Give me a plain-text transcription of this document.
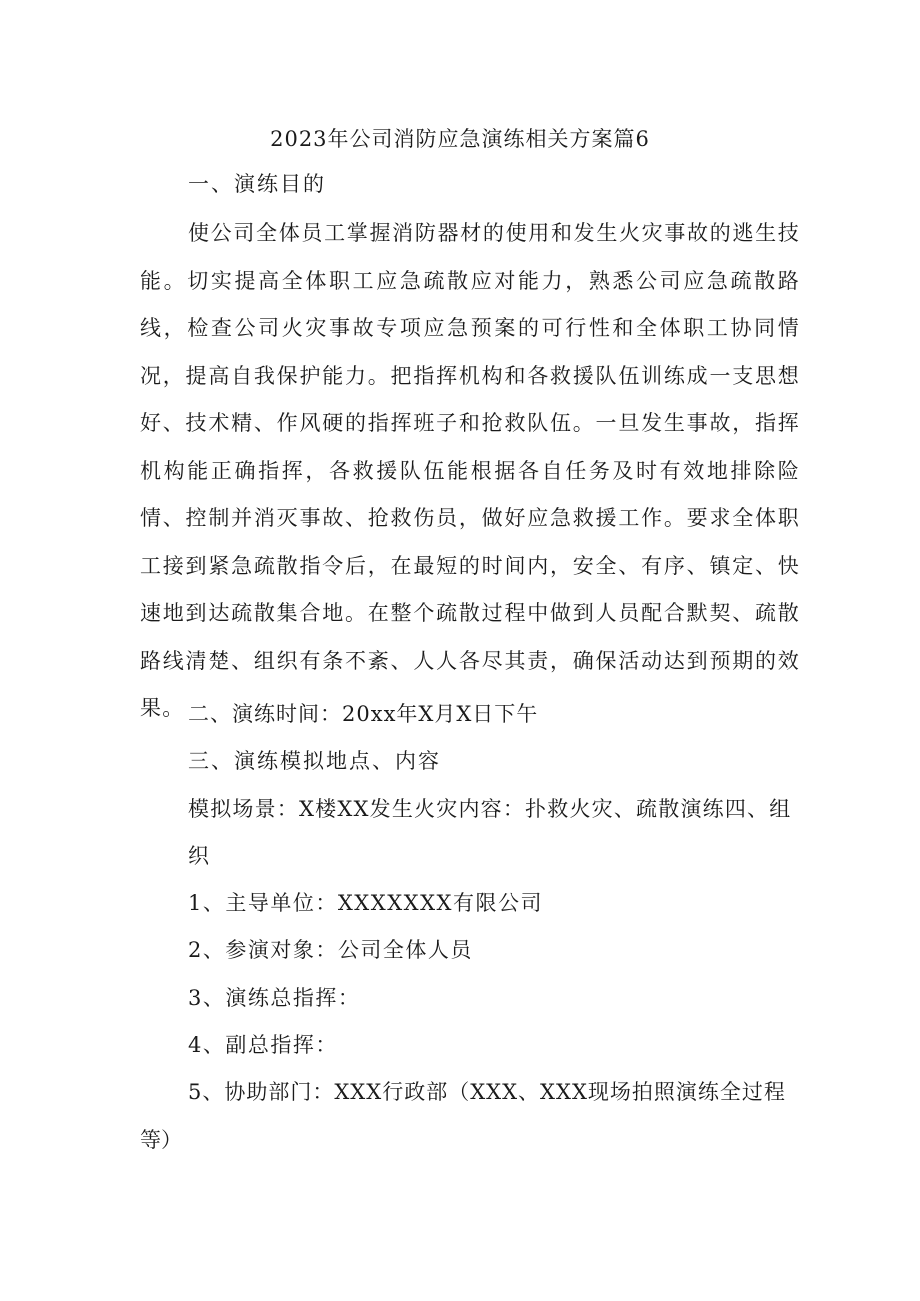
2023年公司消防应急演练相关方案篇6
一、演练目的
使公司全体员工掌握消防器材的使用和发生火灾事故的逃生技能。切实提高全体职工应急疏散应对能力，熟悉公司应急疏散路线，检查公司火灾事故专项应急预案的可行性和全体职工协同情况，提高自我保护能力。把指挥机构和各救援队伍训练成一支思想好、技术精、作风硬的指挥班子和抢救队伍。一旦发生事故，指挥机构能正确指挥，各救援队伍能根据各自任务及时有效地排除险情、控制并消灭事故、抢救伤员，做好应急救援工作。要求全体职工接到紧急疏散指令后，在最短的时间内，安全、有序、镇定、快速地到达疏散集合地。在整个疏散过程中做到人员配合默契、疏散路线清楚、组织有条不紊、人人各尽其责，确保活动达到预期的效果。 二、演练时间：20xx年X月X日下午
三、演练模拟地点、内容
模拟场景：X楼XX发生火灾内容：扑救火灾、疏散演练四、组
织
1、主导单位：XXXXXXX有限公司
2、参演对象：公司全体人员
3、演练总指挥：
4、副总指挥：
5、协助部门：XXX行政部（XXX、XXX现场拍照演练全过程
等）
